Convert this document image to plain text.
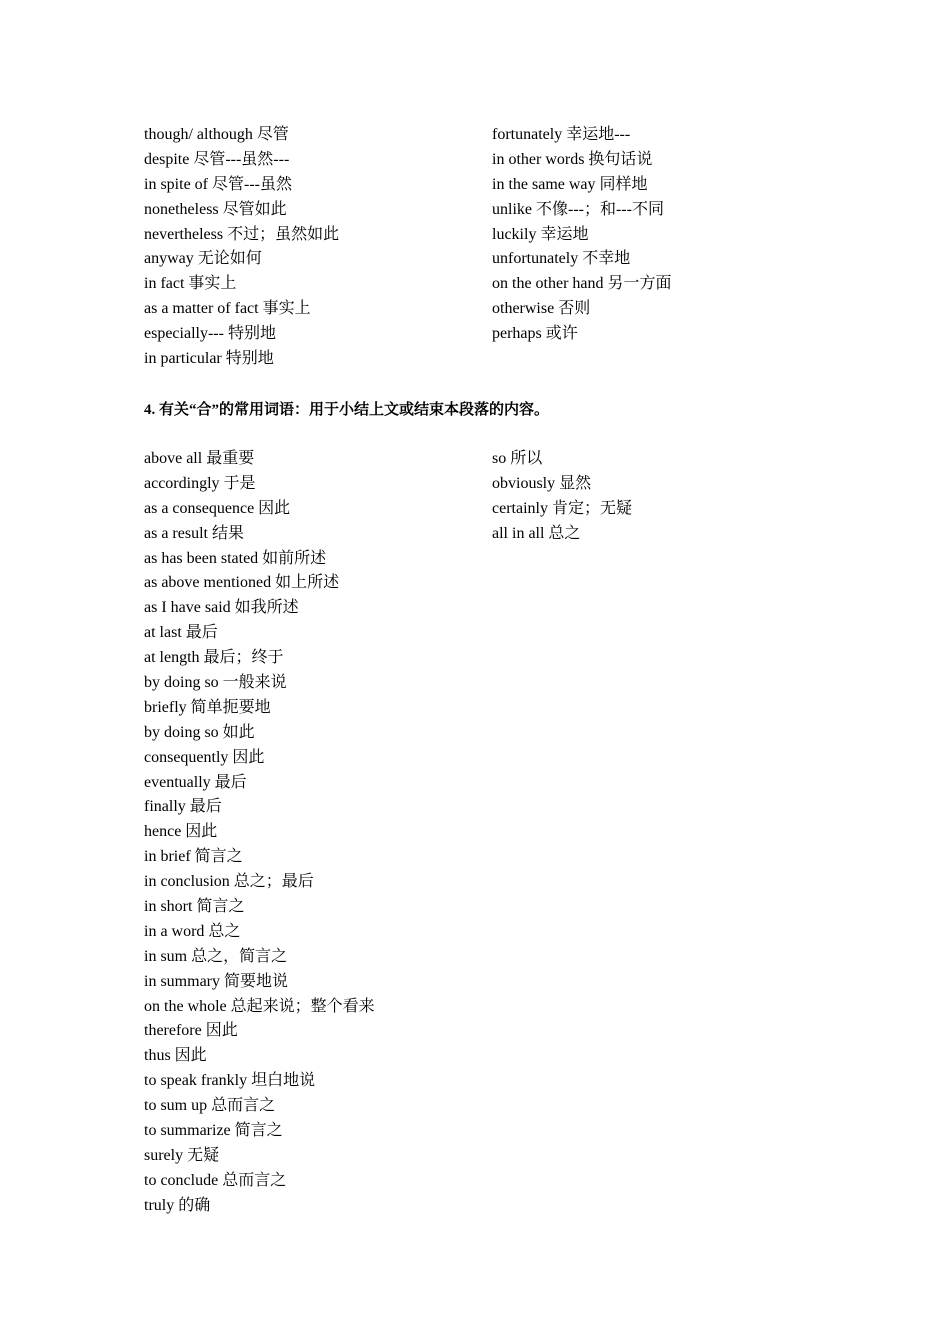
though/ although 尽管
despite 尽管---虽然---
in spite of 尽管---虽然
nonetheless 尽管如此
nevertheless 不过；虽然如此
anyway 无论如何
in fact 事实上
as a matter of fact 事实上
especially--- 特别地
in particular 特别地
fortunately 幸运地---
in other words 换句话说
in the same way 同样地
unlike 不像---；和---不同
luckily 幸运地
unfortunately 不幸地
on the other hand 另一方面
otherwise 否则
perhaps 或许

4. 有关“合”的常用词语：用于小结上文或结束本段落的内容。

above all 最重要
accordingly 于是
as a consequence 因此
as a result 结果
as has been stated 如前所述
as above mentioned 如上所述
as I have said 如我所述
at last 最后
at length 最后；终于
by doing so 一般来说
briefly 简单扼要地
by doing so 如此
consequently 因此
eventually 最后
finally 最后
hence 因此
in brief 简言之
in conclusion 总之；最后
in short 简言之
in a word 总之
in sum 总之，简言之
in summary 简要地说
on the whole 总起来说；整个看来
therefore 因此
thus 因此
to speak frankly 坦白地说
to sum up 总而言之
to summarize 简言之
surely 无疑
to conclude 总而言之
truly 的确
so 所以
obviously 显然
certainly 肯定；无疑
all in all 总之
